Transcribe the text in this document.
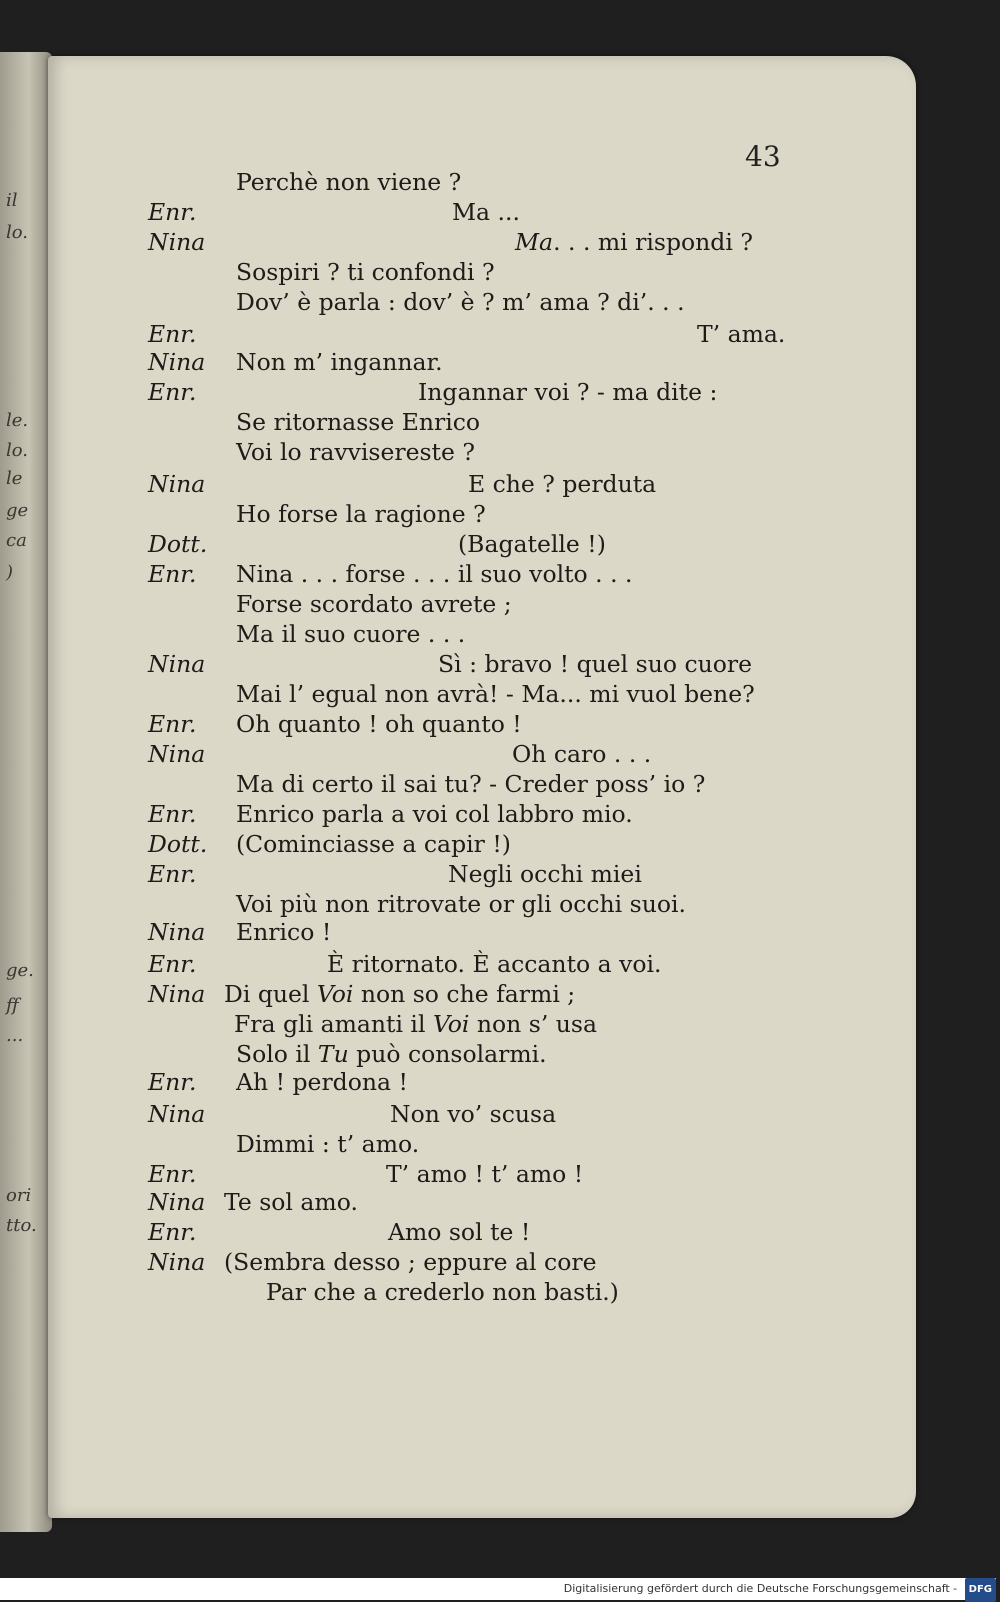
il
lo.
le.
lo.
le
ge
ca
)
ge.
ff
...
ori
tto.
43
Perchè non viene ?
Enr.	Ma ...
Nina	Ma. . . mi rispondi ?
Sospiri ? ti confondi ?
Dov’ è parla : dov’ è ? m’ ama ? di’. . .
Enr.	T’ ama.
Nina Non m’ ingannar.
Enr.	Ingannar voi ? - ma dite :
Se ritornasse Enrico
Voi lo ravvisereste ?
Nina	E che ? perduta
Ho forse la ragione ?
Dott.	(Bagatelle !)
Enr. Nina . . . forse . . . il suo volto . . .
Forse scordato avrete ;
Ma il suo cuore . . .
Nina	Sì : bravo ! quel suo cuore
Mai l’ egual non avrà! - Ma... mi vuol bene?
Enr. Oh quanto ! oh quanto !
Nina	Oh caro . . .
Ma di certo il sai tu? - Creder poss’ io ?
Enr. Enrico parla a voi col labbro mio.
Dott. (Cominciasse a capir !)
Enr.	Negli occhi miei
Voi più non ritrovate or gli occhi suoi.
Nina Enrico !
Enr.	È ritornato. È accanto a voi.
Nina Di quel Voi non so che farmi ;
Fra gli amanti il Voi non s’ usa
Solo il Tu può consolarmi.
Enr. Ah ! perdona !
Nina	Non vo’ scusa
Dimmi : t’ amo.
Enr.	T’ amo ! t’ amo !
Nina Te sol amo.
Enr.	Amo sol te !
Nina (Sembra desso ; eppure al core
Par che a crederlo non basti.)
Digitalisierung gefördert durch die Deutsche Forschungsgemeinschaft - DFG
